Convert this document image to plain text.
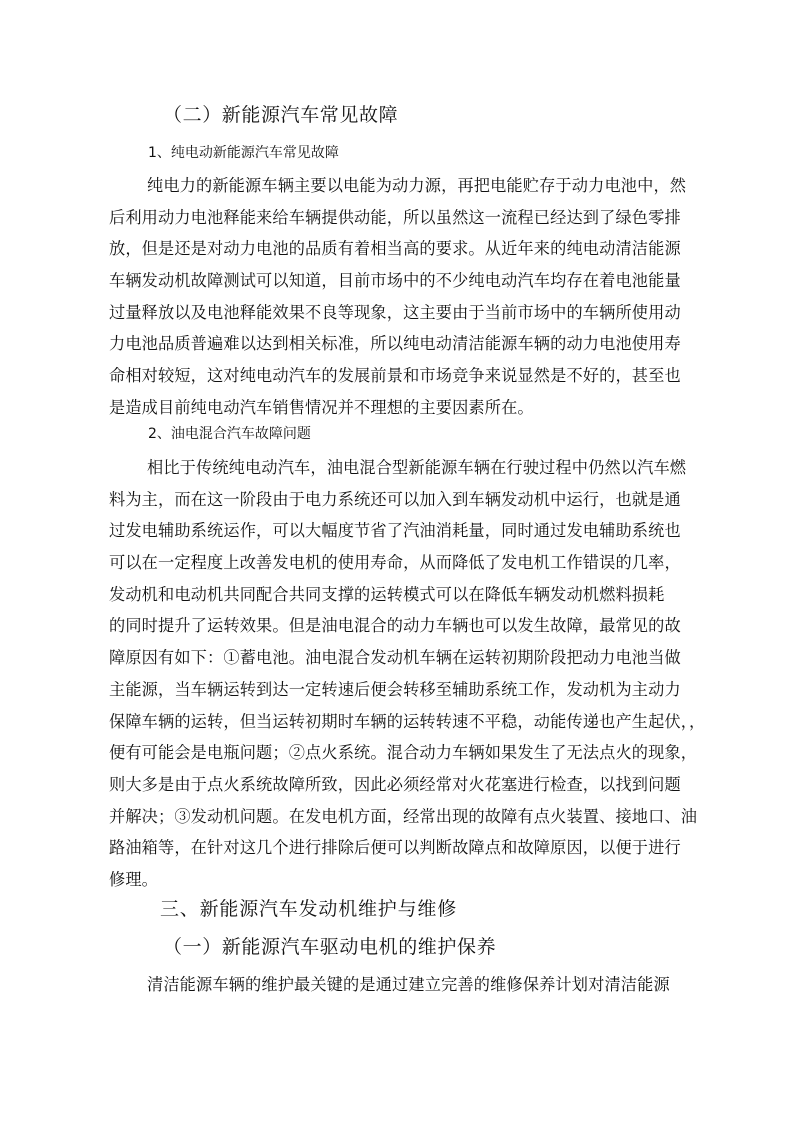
（二）新能源汽车常见故障
1、纯电动新能源汽车常见故障
纯电力的新能源车辆主要以电能为动力源，再把电能贮存于动力电池中，然
后利用动力电池释能来给车辆提供动能，所以虽然这一流程已经达到了绿色零排
放，但是还是对动力电池的品质有着相当高的要求。从近年来的纯电动清洁能源
车辆发动机故障测试可以知道，目前市场中的不少纯电动汽车均存在着电池能量
过量释放以及电池释能效果不良等现象，这主要由于当前市场中的车辆所使用动
力电池品质普遍难以达到相关标准，所以纯电动清洁能源车辆的动力电池使用寿
命相对较短，这对纯电动汽车的发展前景和市场竞争来说显然是不好的，甚至也
是造成目前纯电动汽车销售情况并不理想的主要因素所在。
2、油电混合汽车故障问题
相比于传统纯电动汽车，油电混合型新能源车辆在行驶过程中仍然以汽车燃
料为主，而在这一阶段由于电力系统还可以加入到车辆发动机中运行，也就是通
过发电辅助系统运作，可以大幅度节省了汽油消耗量，同时通过发电辅助系统也
可以在一定程度上改善发电机的使用寿命，从而降低了发电机工作错误的几率，
发动机和电动机共同配合共同支撑的运转模式可以在降低车辆发动机燃料损耗
的同时提升了运转效果。但是油电混合的动力车辆也可以发生故障，最常见的故
障原因有如下：①蓄电池。油电混合发动机车辆在运转初期阶段把动力电池当做
主能源，当车辆运转到达一定转速后便会转移至辅助系统工作，发动机为主动力
保障车辆的运转，但当运转初期时车辆的运转转速不平稳，动能传递也产生起伏，，
便有可能会是电瓶问题；②点火系统。混合动力车辆如果发生了无法点火的现象，
则大多是由于点火系统故障所致，因此必须经常对火花塞进行检查，以找到问题
并解决；③发动机问题。在发电机方面，经常出现的故障有点火装置、接地口、油
路油箱等，在针对这几个进行排除后便可以判断故障点和故障原因，以便于进行
修理。
三、新能源汽车发动机维护与维修
（一）新能源汽车驱动电机的维护保养
清洁能源车辆的维护最关键的是通过建立完善的维修保养计划对清洁能源
